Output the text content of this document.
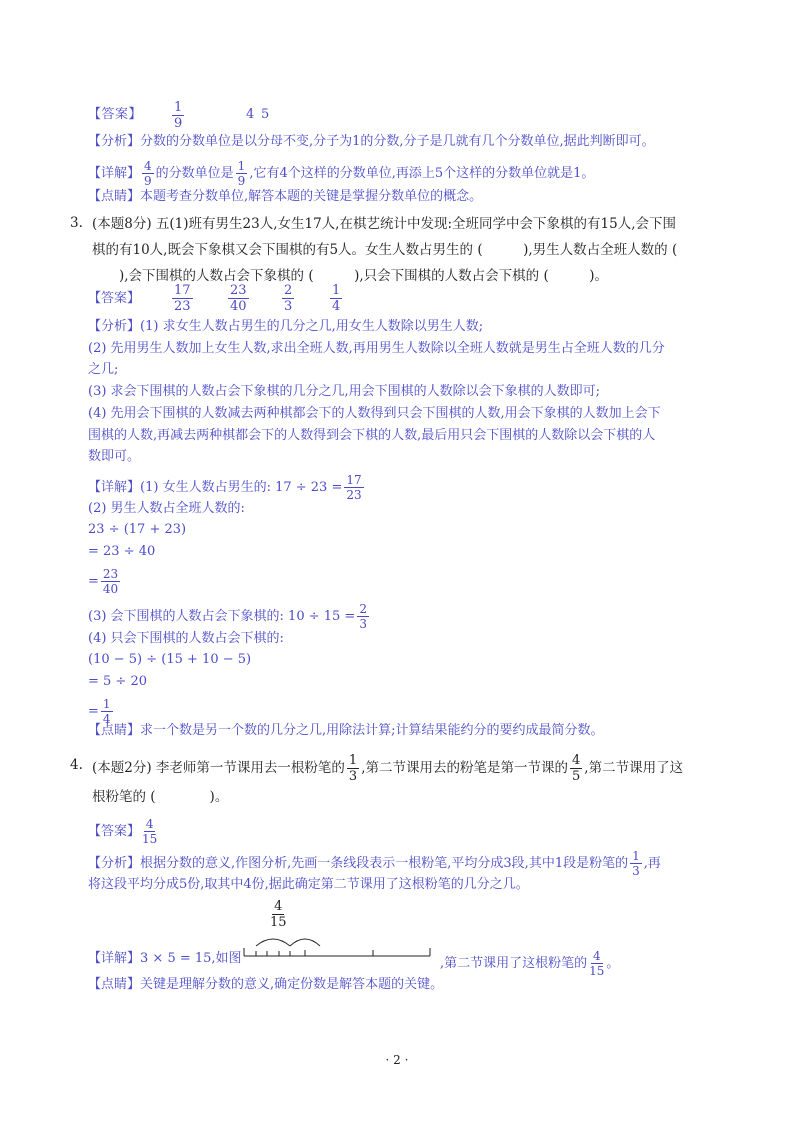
【答案】 $\frac{1}{9}$	4 5
【分析】分数的分数单位是以分母不变,分子为1的分数,分子是几就有几个分数单位,据此判断即可。
【详解】 $\frac{4}{9}$ 的分数单位是 $\frac{1}{9}$ ,它有4个这样的分数单位,再添上5个这样的分数单位就是1。
【点睛】本题考查分数单位,解答本题的关键是掌握分数单位的概念。
3. (本题8分) 五(1)班有男生23人,女生17人,在棋艺统计中发现:全班同学中会下象棋的有15人,会下围
棋的有10人,既会下象棋又会下围棋的有5人。女生人数占男生的 (　　　),男生人数占全班人数的 (
　　),会下围棋的人数占会下象棋的 (　　　),只会下围棋的人数占会下棋的 (　　　)。
【答案】 $\frac{17}{23}$	$\frac{23}{40}$	$\frac{2}{3}$	$\frac{1}{4}$
【分析】(1) 求女生人数占男生的几分之几,用女生人数除以男生人数;
(2) 先用男生人数加上女生人数,求出全班人数,再用男生人数除以全班人数就是男生占全班人数的几分
之几;
(3) 求会下围棋的人数占会下象棋的几分之几,用会下围棋的人数除以会下象棋的人数即可;
(4) 先用会下围棋的人数减去两种棋都会下的人数得到只会下围棋的人数,用会下象棋的人数加上会下
围棋的人数,再减去两种棋都会下的人数得到会下棋的人数,最后用只会下围棋的人数除以会下棋的人
数即可。
【详解】(1) 女生人数占男生的: $17 \div 23 = \frac{17}{23}$
(2) 男生人数占全班人数的:
23 ÷ (17 + 23)
= 23 ÷ 40
= $\frac{23}{40}$
(3) 会下围棋的人数占会下象棋的: $10 \div 15 = \frac{2}{3}$
(4) 只会下围棋的人数占会下棋的:
(10 − 5) ÷ (15 + 10 − 5)
= 5 ÷ 20
= $\frac{1}{4}$
【点睛】求一个数是另一个数的几分之几,用除法计算;计算结果能约分的要约成最简分数。
4. (本题2分) 李老师第一节课用去一根粉笔的 $\frac{1}{3}$ ,第二节课用去的粉笔是第一节课的 $\frac{4}{5}$ ,第二节课用了这
根粉笔的 (　　　　)。
【答案】 $\frac{4}{15}$
【分析】根据分数的意义,作图分析,先画一条线段表示一根粉笔,平均分成3段,其中1段是粉笔的 $\frac{1}{3}$ ,再
将这段平均分成5份,取其中4份,据此确定第二节课用了这根粉笔的几分之几。
$\frac{4}{15}$
【详解】3 × 5 = 15,如图	,第二节课用了这根粉笔的 $\frac{4}{15}$ 。
【点睛】关键是理解分数的意义,确定份数是解答本题的关键。
· 2 ·
